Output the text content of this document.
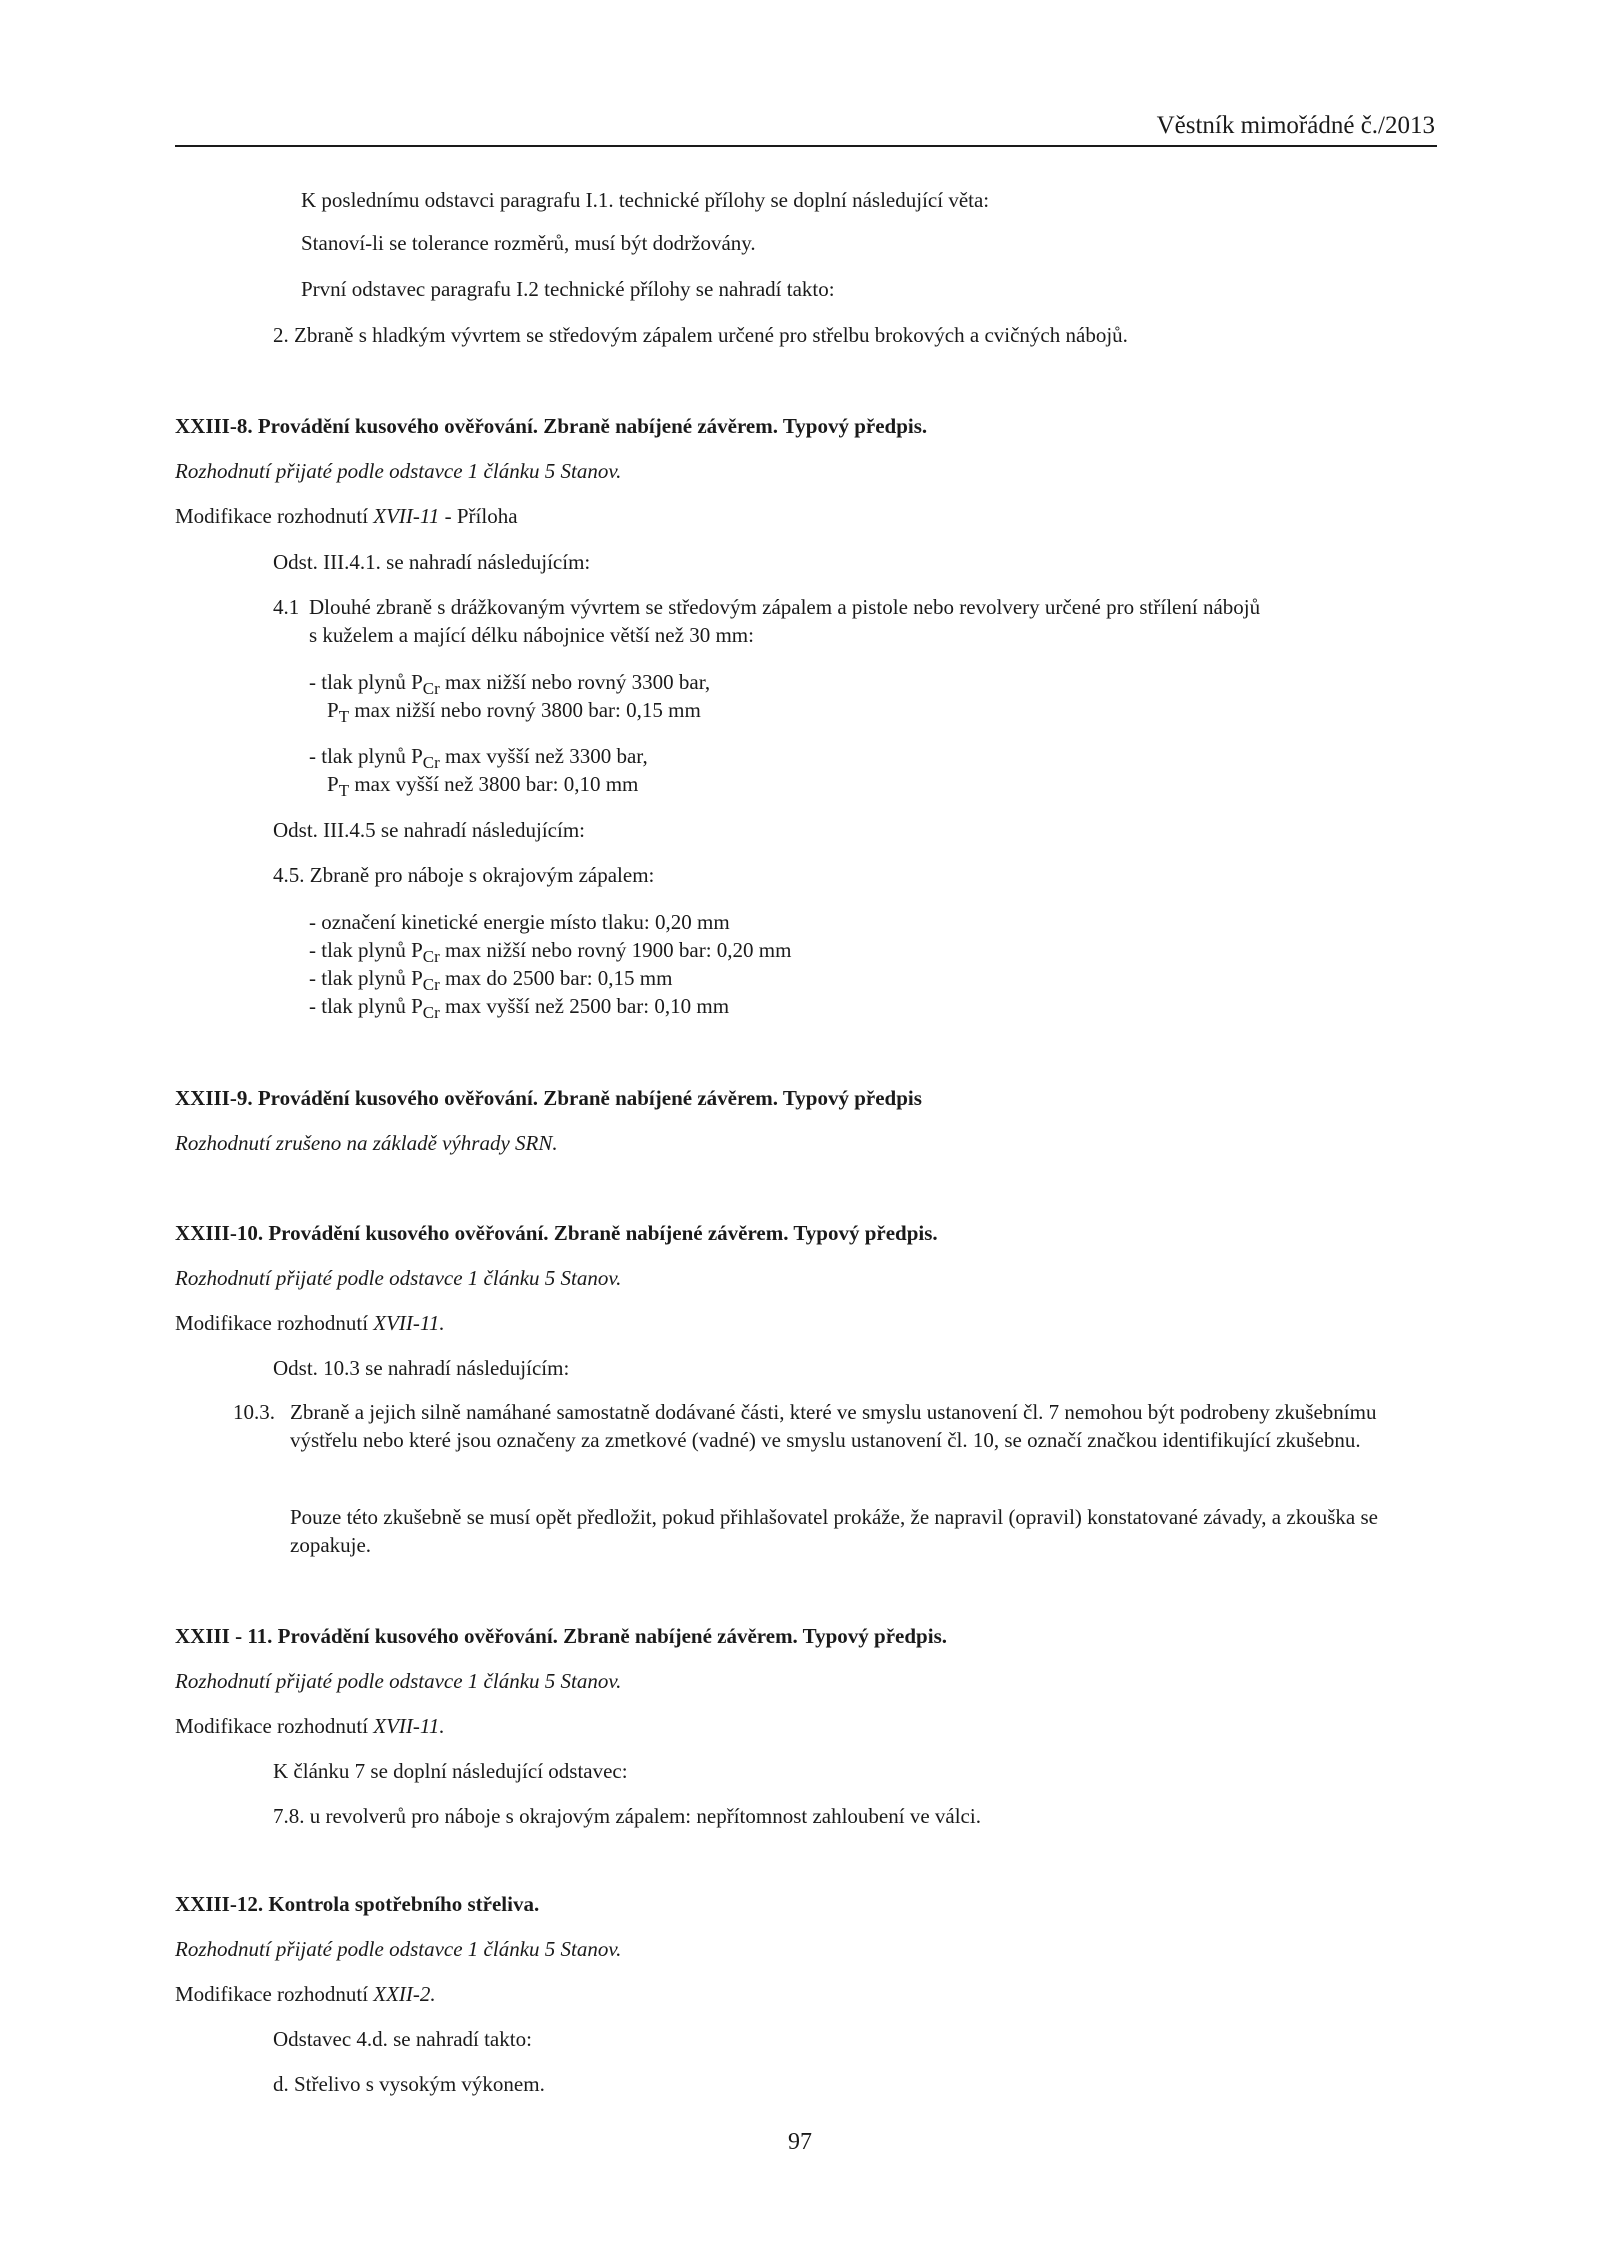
Věstník mimořádné č./2013
K poslednímu odstavci paragrafu I.1. technické přílohy se doplní následující věta:
Stanoví-li se tolerance rozměrů, musí být dodržovány.
První odstavec paragrafu I.2 technické přílohy se nahradí takto:
2. Zbraně s hladkým vývrtem se středovým zápalem určené pro střelbu brokových a cvičných nábojů.
XXIII-8. Provádění kusového ověřování. Zbraně nabíjené závěrem. Typový předpis.
Rozhodnutí přijaté podle odstavce 1 článku 5 Stanov.
Modifikace rozhodnutí XVII-11 - Příloha
Odst. III.4.1. se nahradí následujícím:
4.1 Dlouhé zbraně s drážkovaným vývrtem se středovým zápalem a pistole nebo revolvery určené pro střílení nábojů
s kuželem a mající délku nábojnice větší než 30 mm:
- tlak plynů $P_{Cr}$ max nižší nebo rovný 3300 bar,
$P_T$ max nižší nebo rovný 3800 bar: 0,15 mm
- tlak plynů $P_{Cr}$ max vyšší než 3300 bar,
$P_T$ max vyšší než 3800 bar: 0,10 mm
Odst. III.4.5 se nahradí následujícím:
4.5. Zbraně pro náboje s okrajovým zápalem:
- označení kinetické energie místo tlaku: 0,20 mm
- tlak plynů $P_{Cr}$ max nižší nebo rovný 1900 bar: 0,20 mm
- tlak plynů $P_{Cr}$ max do 2500 bar: 0,15 mm
- tlak plynů $P_{Cr}$ max vyšší než 2500 bar: 0,10 mm
XXIII-9. Provádění kusového ověřování. Zbraně nabíjené závěrem. Typový předpis
Rozhodnutí zrušeno na základě výhrady SRN.
XXIII-10. Provádění kusového ověřování. Zbraně nabíjené závěrem. Typový předpis.
Rozhodnutí přijaté podle odstavce 1 článku 5 Stanov.
Modifikace rozhodnutí XVII-11.
Odst. 10.3 se nahradí následujícím:
10.3. Zbraně a jejich silně namáhané samostatně dodávané části, které ve smyslu ustanovení čl. 7 nemohou být podrobeny zkušebnímu výstřelu nebo které jsou označeny za zmetkové (vadné) ve smyslu ustanovení čl. 10, se označí značkou identifikující zkušebnu.
Pouze této zkušebně se musí opět předložit, pokud přihlašovatel prokáže, že napravil (opravil) konstatované závady, a zkouška se zopakuje.
XXIII - 11. Provádění kusového ověřování. Zbraně nabíjené závěrem. Typový předpis.
Rozhodnutí přijaté podle odstavce 1 článku 5 Stanov.
Modifikace rozhodnutí XVII-11.
K článku 7 se doplní následující odstavec:
7.8. u revolverů pro náboje s okrajovým zápalem: nepřítomnost zahloubení ve válci.
XXIII-12. Kontrola spotřebního střeliva.
Rozhodnutí přijaté podle odstavce 1 článku 5 Stanov.
Modifikace rozhodnutí XXII-2.
Odstavec 4.d. se nahradí takto:
d. Střelivo s vysokým výkonem.
97
